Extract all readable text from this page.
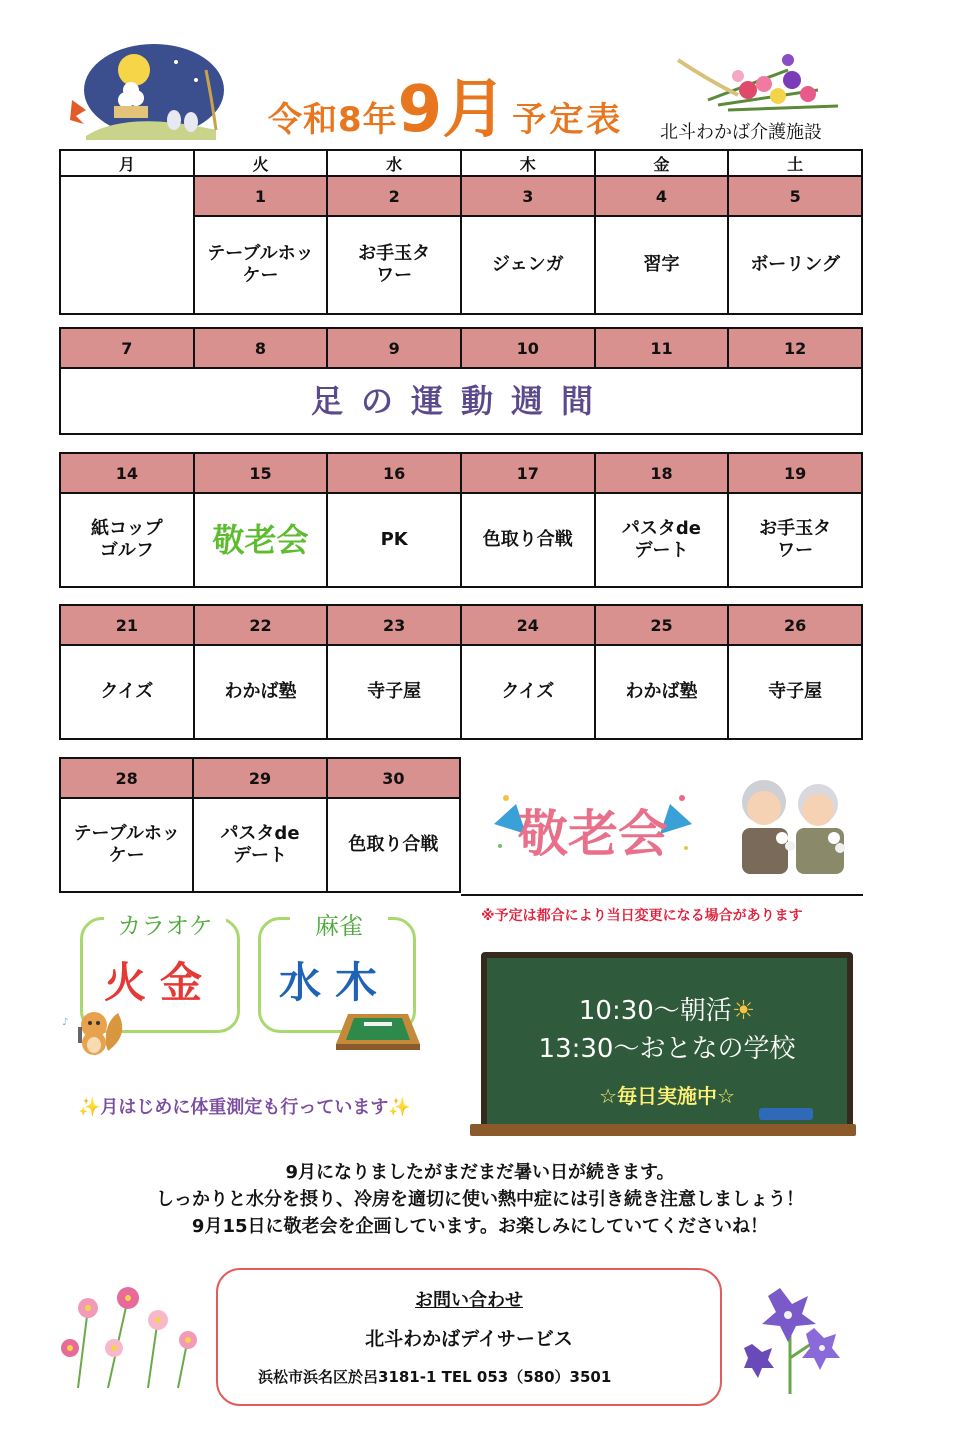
令和8年9月 予定表	北斗わかば介護施設
月	火	水	木	金	土
	1	2	3	4	5
	テーブルホッケー	お手玉タワー	ジェンガ	習字	ボーリング
7	8	9	10	11	12
足の運動週間
14	15	16	17	18	19
紙コップゴルフ	敬老会	PK	色取り合戦	パスタdeデート	お手玉タワー
21	22	23	24	25	26
クイズ	わかば塾	寺子屋	クイズ	わかば塾	寺子屋
28	29	30
テーブルホッケー	パスタdeデート	色取り合戦 敬老会
カラオケ
火金
♪
麻雀
水木
※予定は都合により当日変更になる場合があります
10:30～朝活☀
13:30～おとなの学校
☆毎日実施中☆
✨月はじめに体重測定も行っています✨
9月になりましたがまだまだ暑い日が続きます。
しっかりと水分を摂り、冷房を適切に使い熱中症には引き続き注意しましょう！
9月15日に敬老会を企画しています。お楽しみにしていてくださいね！
お問い合わせ
北斗わかばデイサービス
浜松市浜名区於呂3181-1 TEL 053（580）3501
